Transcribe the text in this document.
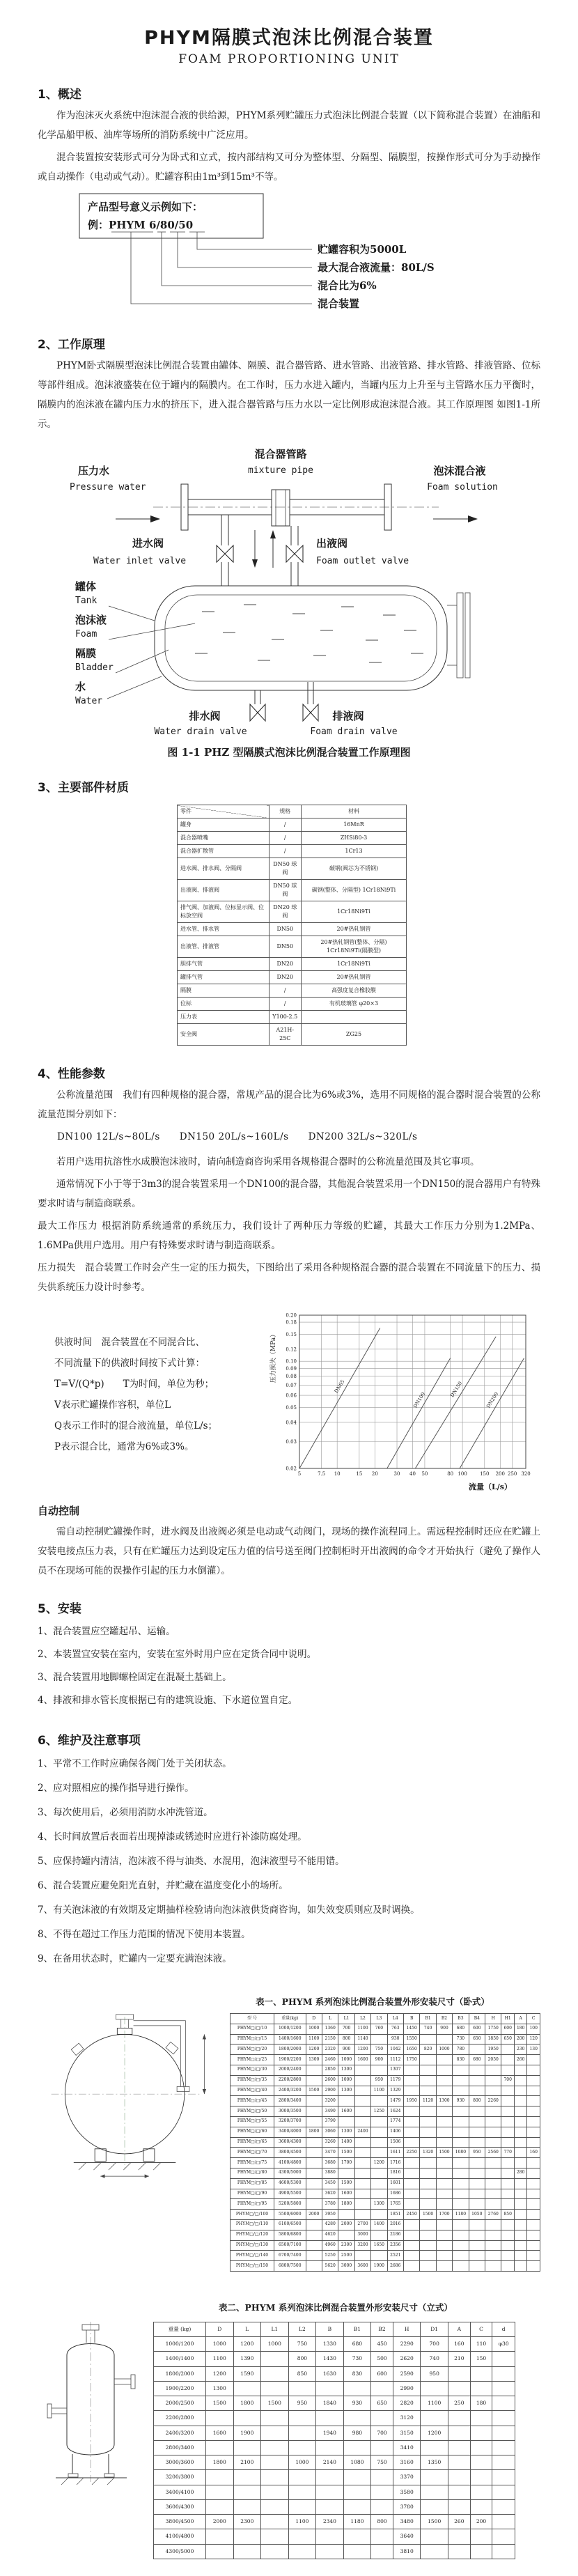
PHYM隔膜式泡沫比例混合装置
FOAM PROPORTIONING UNIT
1、概述

作为泡沫灭火系统中泡沫混合液的供给源，PHYM系列贮罐压力式泡沫比例混合装置（以下简称混合装置）在油船和化学品船甲板、油库等场所的消防系统中广泛应用。

混合装置按安装形式可分为卧式和立式，按内部结构又可分为整体型、分隔型、隔膜型，按操作形式可分为手动操作或自动操作（电动或气动）。贮罐容积由1m³到15m³不等。

产品型号意义示例如下：
例：PHYM 6/80/50
贮罐容积为5000L
最大混合液流量：80L/S
混合比为6%
混合装置
2、工作原理

PHYM卧式隔膜型泡沫比例混合装置由罐体、隔膜、混合器管路、进水管路、出液管路、排水管路、排液管路、位标等部件组成。泡沫液盛装在位于罐内的隔膜内。在工作时，压力水进入罐内，当罐内压力上升至与主管路水压力平衡时，隔膜内的泡沫液在罐内压力水的挤压下，进入混合器管路与压力水以一定比例形成泡沫混合液。其工作原理图 如图1-1所示。

压力水
Pressure water
混合器管路
mixture pipe	泡沫混合液
Foam solution
进水阀
Water inlet valve
出液阀
Foam outlet valve
罐体
Tank
泡沫液
Foam
隔膜
Bladder
水
Water
排水阀
Water drain valve
排液阀
Foam drain valve
图 1-1 PHZ 型隔膜式泡沫比例混合装置工作原理图
3、主要部件材质
零件	规格	材料
罐身	/	16MnR
混合器喷嘴	/	ZHSi80-3
混合器扩散管	/	1Cr13
进水阀、排水阀、分隔阀	DN50 球阀	碳钢(阀芯为不锈钢)
出液阀、排液阀	DN50 球阀	碳钢(整体、分隔型) 1Cr18Ni9Ti
排气阀、加液阀、位标显示阀、位标放空阀	DN20 球阀	1Cr18Ni9Ti
进水管、排水管	DN50	20#热轧钢管
出液管、排液管	DN50	20#热轧钢管(整体、分隔) 1Cr18Ni9Ti(隔膜型)
胆排气管	DN20	1Cr18Ni9Ti
罐排气管	DN20	20#热轧钢管
隔膜	/	高强度复合橡胶膜
位标	/	有机玻璃管 φ20×3
压力表	Y100-2.5	
安全阀	A21H-25C	ZG25
4、性能参数

公称流量范围　我们有四种规格的混合器，常规产品的混合比为6%或3%，选用不同规格的混合器时混合装置的公称流量范围分别如下：

DN100 12L/s~80L/s　　DN150 20L/s~160L/s　　DN200 32L/s~320L/s

若用户选用抗溶性水成膜泡沫液时，请向制造商咨询采用各规格混合器时的公称流量范围及其它事项。

通常情况下小于等于3m3的混合装置采用一个DN100的混合器，其他混合装置采用一个DN150的混合器用户有特殊要求时请与制造商联系。

最大工作压力 根据消防系统通常的系统压力，我们设计了两种压力等级的贮罐，其最大工作压力分别为1.2MPa、1.6MPa供用户选用。用户有特殊要求时请与制造商联系。

压力损失　混合装置工作时会产生一定的压力损失，下图给出了采用各种规格混合器的混合装置在不同流量下的压力、损失供系统压力设计时参考。

供液时间　混合装置在不同混合比、
不同流量下的供液时间按下式计算：
T=V/(Q*p)　　T为时间，单位为秒；
V表示贮罐操作容积，单位L
Q表示工作时的混合液流量，单位L/s；
P表示混合比，通常为6%或3%。
5	7.5 10	15 20	30 40 50	80 100	150 200 250 320
0.02
0.03
0.04
0.05
0.06
0.07
0.08
0.09
0.10
0.12
0.15
0.18
0.20
DN65
DN100
DN150
DN200
压力损失（MPa）
流量（L/s）
自动控制

需自动控制贮罐操作时，进水阀及出液阀必须是电动或气动阀门，现场的操作流程同上。需远程控制时还应在贮罐上安装电接点压力表，只有在贮罐压力达到设定压力值的信号送至阀门控制柜时开出液阀的命令才开始执行（避免了操作人员不在现场可能的误操作引起的压力水倒灌）。

5、安装
1、混合装置应空罐起吊、运输。
2、本装置宜安装在室内，安装在室外时用户应在定货合同中说明。
3、混合装置用地脚螺栓固定在混凝土基础上。
4、排液和排水管长度根据已有的建筑设施、下水道位置自定。
6、维护及注意事项
1、平常不工作时应确保各阀门处于关闭状态。
2、应对照相应的操作指导进行操作。
3、每次使用后，必须用消防水冲洗管道。
4、长时间放置后表面若出现掉漆或锈迹时应进行补漆防腐处理。
5、应保持罐内清洁，泡沫液不得与油类、水混用，泡沫液型号不能用错。
6、混合装置应避免阳光直射，并贮藏在温度变化小的场所。
7、有关泡沫液的有效期及定期抽样检验请向泡沫液供货商咨询，如失效变质则应及时调换。
8、不得在超过工作压力范围的情况下使用本装置。
9、在备用状态时，贮罐内一定要充满泡沫液。
表一、PHYM 系列泡沫比例混合装置外形安装尺寸（卧式）
型 号	重量(kg)	D	L	L1	L2	L3	L4	B	B1	B2	B3	B4	H	H1	A	C
PHYM□/□/10	1000/1200	1000	1360	700	1100	760	763	1450	740	900	680	600	1750	600	180	100
PHYM□/□/15	1400/1600	1100	2150	800	1140		930	1550			730	650	1850	650	200	120
PHYM□/□/20	1800/2000	1200	2320	900	1200	750	1042	1650	820	1000	780		1950		230	130
PHYM□/□/25	1900/2200	1300	2460	1000	1600	900	1112	1750			830	680	2050		260	
PHYM□/□/30	2000/2400		2850	1300			1307									
PHYM□/□/35	2200/2800		2600	1000		950	1179							700		
PHYM□/□/40	2400/3200	1500	2900	1300		1100	1329									
PHYM□/□/45	2800/3400		3200				1479	1950	1120	1300	930	800	2260			
PHYM□/□/50	3000/3500		3490	1600		1250	1624									
PHYM□/□/55	3200/3700		3790				1774									
PHYM□/□/60	3400/4000	1800	3060	1300	2400		1406									
PHYM□/□/65	3600/4300		3260	1400			1506									
PHYM□/□/70	3800/4500		3470	1500			1611	2250	1320	1500	1080	950	2560	770		160
PHYM□/□/75	4100/4800		3680	1700		1200	1716									
PHYM□/□/80	4300/5000		3880				1816								280	
PHYM□/□/85	4600/5300		3450	1500			1601									
PHYM□/□/90	4900/5500		3620	1600			1686									
PHYM□/□/95	5200/5800		3780	1800		1300	1765									
PHYM□/□/100	5500/6000	2000	3950				1851	2450	1500	1700	1180	1050	2760	850		
PHYM□/□/110	6100/6500		4280	2000	2700	1400	2016									
PHYM□/□/120	5800/6800		4620		3000		2186									
PHYM□/□/130	6500/7100		4960	2300	3200	1650	2356									
PHYM□/□/140	6700/7400		5250	2500			2521									
PHYM□/□/150	6800/7500		5620	3000	3600	1900	2686									
表二、PHYM 系列泡沫比例混合装置外形安装尺寸（立式）
重量 (kg)	D	L	L1	L2	B	B1	B2	H	D1	A	C	d
1000/1200	1000	1200	1000	750	1330	680	450	2290	700	160	110	φ30
1400/1400	1100	1390		800	1430	730	500	2620	740	210	150	
1800/2000	1200	1590		850	1630	830	600	2590	950			
1900/2200	1300							2990				
2000/2500	1500	1800	1500	950	1840	930	650	2820	1100	250	180	
2200/2800								3120				
2400/3200	1600	1900			1940	980	700	3150	1200			
2800/3400								3410				
3000/3600	1800	2100		1000	2140	1080	750	3160	1350			
3200/3800								3370				
3400/4100								3580				
3600/4300								3780				
3800/4500	2000	2300		1100	2340	1180	800	3480	1500	260	200	
4100/4800								3640				
4300/5000								3810				
